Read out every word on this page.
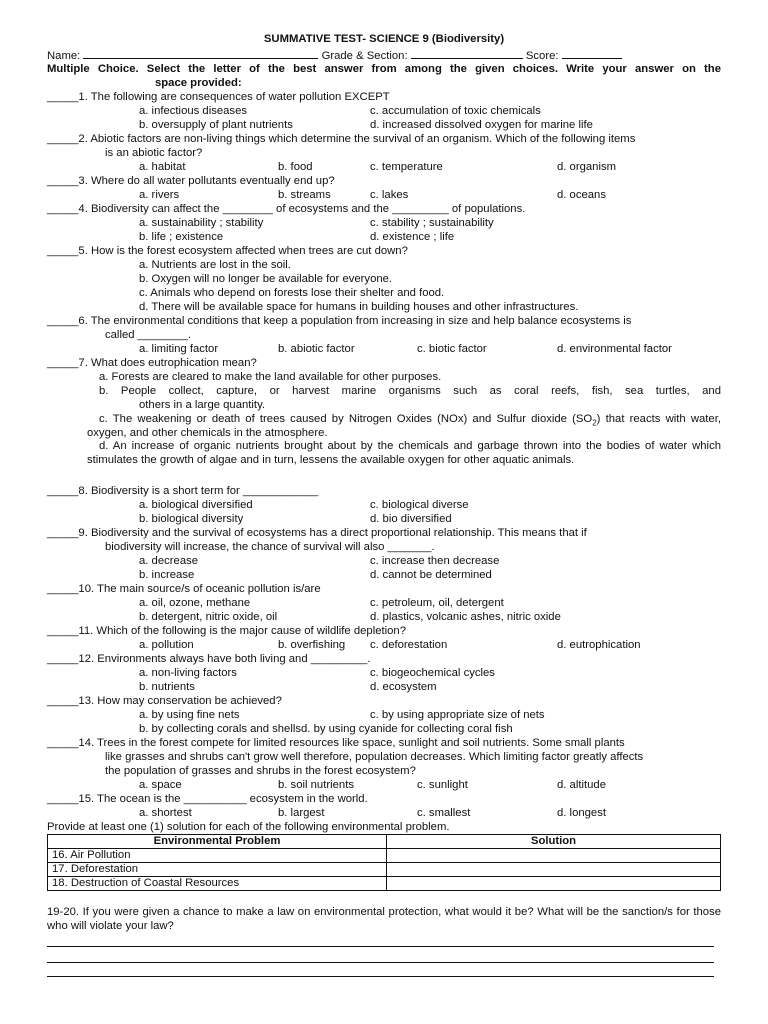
SUMMATIVE TEST- SCIENCE 9 (Biodiversity)
Name:	Grade & Section:	Score:
Multiple Choice. Select the letter of the best answer from among the given choices. Write your answer on the
space provided:
_____1. The following are consequences of water pollution EXCEPT
a. infectious diseases	c. accumulation of toxic chemicals
b. oversupply of plant nutrients	d. increased dissolved oxygen for marine life
_____2. Abiotic factors are non-living things which determine the survival of an organism. Which of the following items
is an abiotic factor?
a. habitat	b. food	c. temperature	d. organism
_____3. Where do all water pollutants eventually end up?
a. rivers	b. streams	c. lakes	d. oceans
_____4. Biodiversity can affect the ________ of ecosystems and the _________ of populations.
a. sustainability ; stability	c. stability ; sustainability
b. life ; existence	d. existence ; life
_____5. How is the forest ecosystem affected when trees are cut down?
a. Nutrients are lost in the soil.
b. Oxygen will no longer be available for everyone.
c. Animals who depend on forests lose their shelter and food.
d. There will be available space for humans in building houses and other infrastructures.
_____6. The environmental conditions that keep a population from increasing in size and help balance ecosystems is
called ________.
a. limiting factor	b. abiotic factor	c. biotic factor	d. environmental factor
_____7. What does eutrophication mean?
a. Forests are cleared to make the land available for other purposes.
b. People collect, capture, or harvest marine organisms such as coral reefs, fish, sea turtles, and
others in a large quantity.
c. The weakening or death of trees caused by Nitrogen Oxides (NOx) and Sulfur dioxide $(SO_2)$ that reacts with water, oxygen, and other chemicals in the atmosphere.
d. An increase of organic nutrients brought about by the chemicals and garbage thrown into the bodies of water which stimulates the growth of algae and in turn, lessens the available oxygen for other aquatic animals.
_____8. Biodiversity is a short term for ____________
a. biological diversified	c. biological diverse
b. biological diversity	d. bio diversified
_____9. Biodiversity and the survival of ecosystems has a direct proportional relationship. This means that if
biodiversity will increase, the chance of survival will also _______.
a. decrease	c. increase then decrease
b. increase	d. cannot be determined
_____10. The main source/s of oceanic pollution is/are
a. oil, ozone, methane	c. petroleum, oil, detergent
b. detergent, nitric oxide, oil	d. plastics, volcanic ashes, nitric oxide
_____11. Which of the following is the major cause of wildlife depletion?
a. pollution	b. overfishing c. deforestation	d. eutrophication
_____12. Environments always have both living and _________.
a. non-living factors	c. biogeochemical cycles
b. nutrients	d. ecosystem
_____13. How may conservation be achieved?
a. by using fine nets	c. by using appropriate size of nets
b. by collecting corals and shellsd. by using cyanide for collecting coral fish
_____14. Trees in the forest compete for limited resources like space, sunlight and soil nutrients. Some small plants
like grasses and shrubs can't grow well therefore, population decreases. Which limiting factor greatly affects
the population of grasses and shrubs in the forest ecosystem?
a. space	b. soil nutrients	c. sunlight	d. altitude
_____15. The ocean is the __________ ecosystem in the world.
a. shortest	b. largest	c. smallest	d. longest
Provide at least one (1) solution for each of the following environmental problem.
Environmental Problem	Solution
16. Air Pollution	
17. Deforestation	
18. Destruction of Coastal Resources	
19-20. If you were given a chance to make a law on environmental protection, what would it be? What will be the sanction/s for those who will violate your law?
